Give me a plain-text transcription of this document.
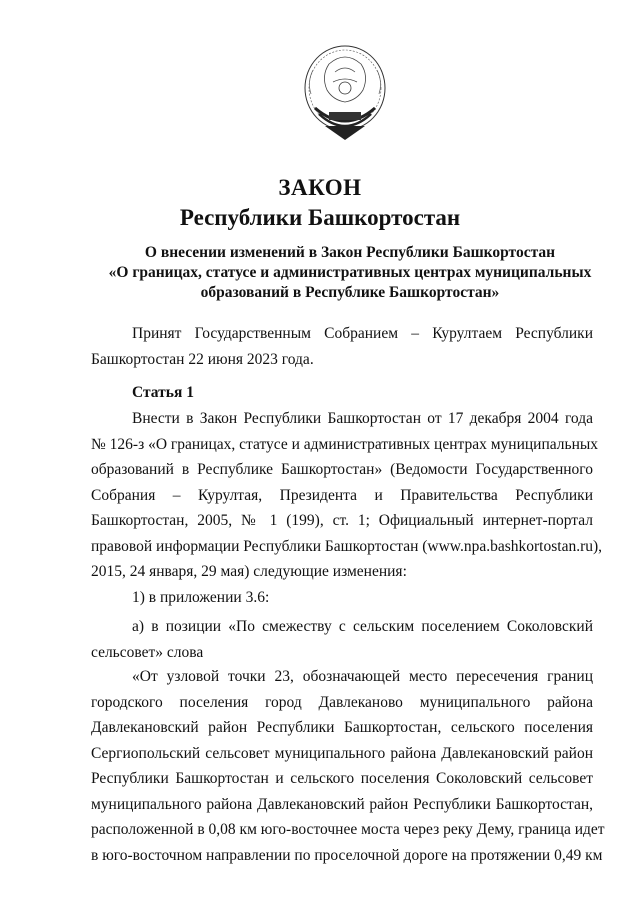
ЗАКОН
Республики Башкортостан
О внесении изменений в Закон Республики Башкортостан
«О границах, статусе и административных центрах муниципальных
образований в Республике Башкортостан»
Принят Государственным Собранием – Курултаем Республики
Башкортостан 22 июня 2023 года.
Статья 1
Внести в Закон Республики Башкортостан от 17 декабря 2004 года
№ 126-з «О границах, статусе и административных центрах муниципальных
образований в Республике Башкортостан» (Ведомости Государственного
Собрания – Курултая, Президента и Правительства Республики
Башкортостан, 2005, № 1 (199), ст. 1; Официальный интернет-портал
правовой информации Республики Башкортостан (www.npa.bashkortostan.ru),
2015, 24 января, 29 мая) следующие изменения:
1) в приложении 3.6:
а) в позиции «По смежеству с сельским поселением Соколовский
сельсовет» слова
«От узловой точки 23, обозначающей место пересечения границ
городского поселения город Давлеканово муниципального района
Давлекановский район Республики Башкортостан, сельского поселения
Сергиопольский сельсовет муниципального района Давлекановский район
Республики Башкортостан и сельского поселения Соколовский сельсовет
муниципального района Давлекановский район Республики Башкортостан,
расположенной в 0,08 км юго-восточнее моста через реку Дему, граница идет
в юго-восточном направлении по проселочной дороге на протяжении 0,49 км
